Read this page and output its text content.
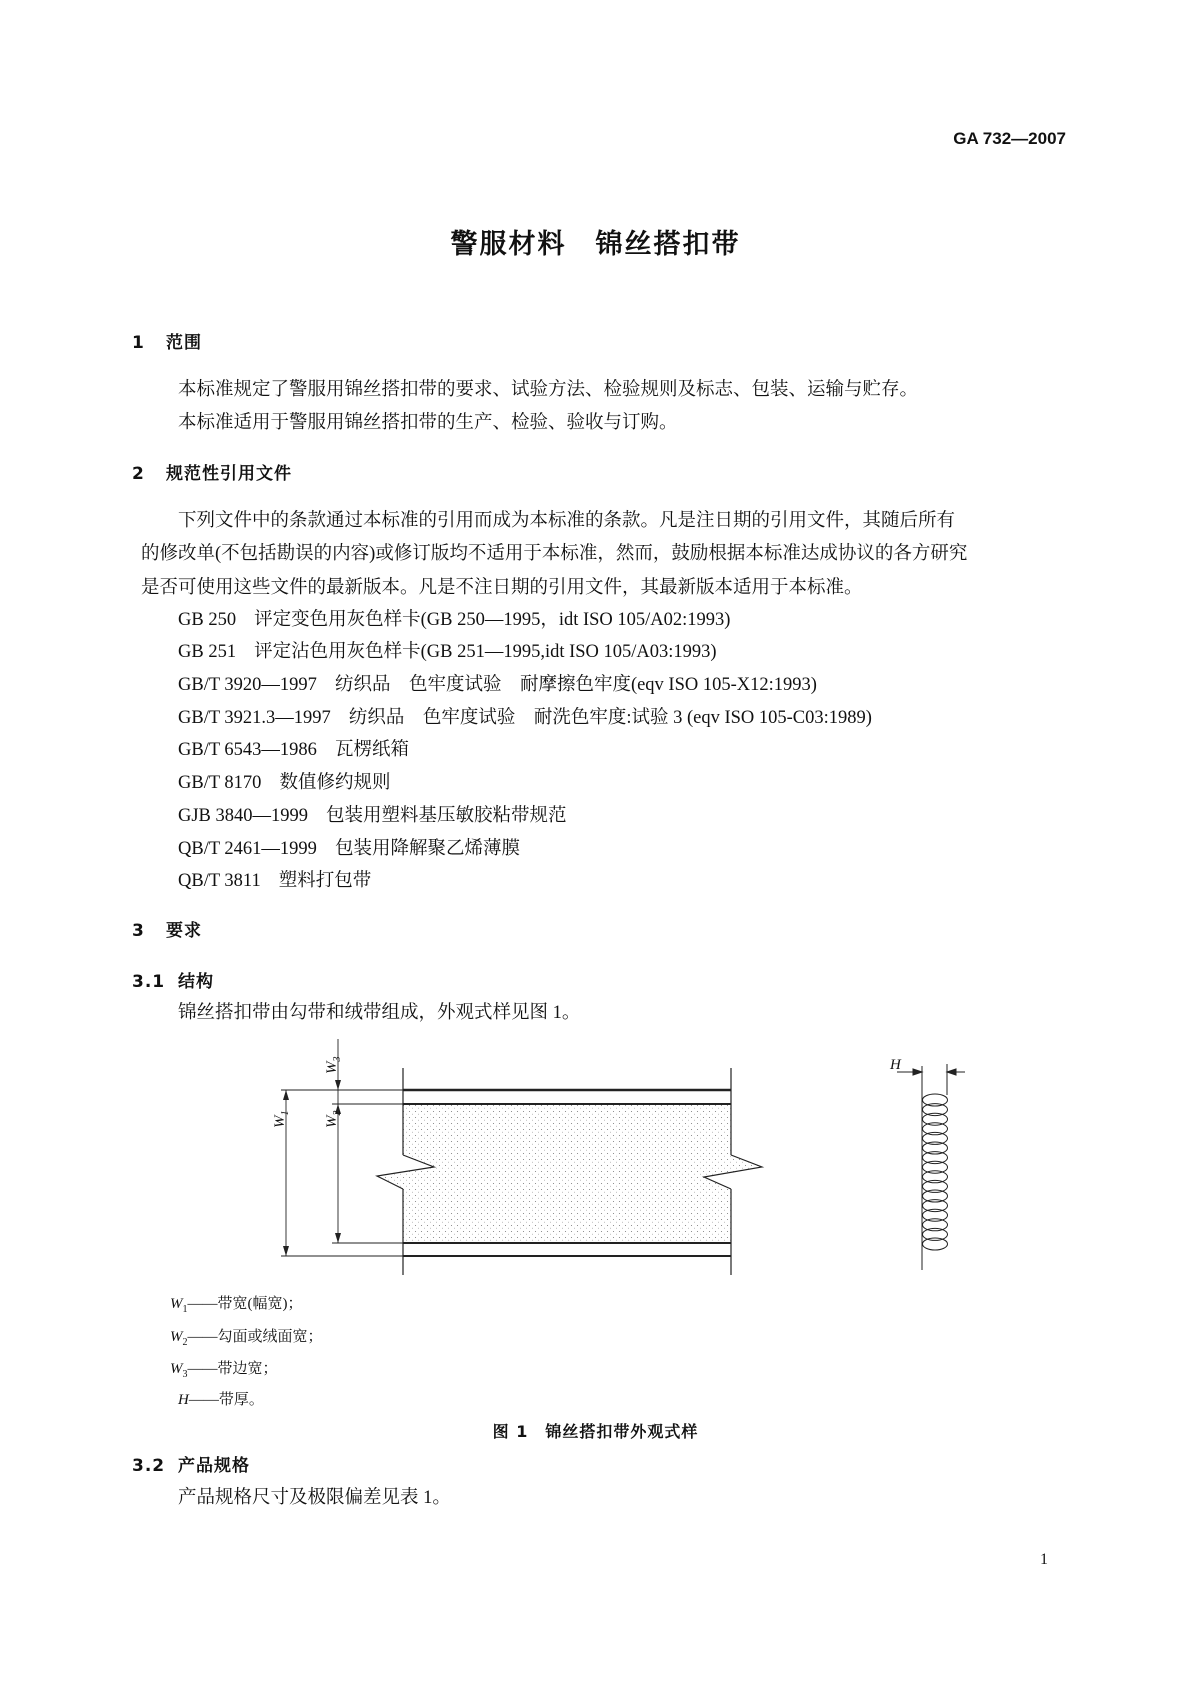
GA 732—2007
警服材料　锦丝搭扣带
1 范围
本标准规定了警服用锦丝搭扣带的要求、试验方法、检验规则及标志、包装、运输与贮存。
本标准适用于警服用锦丝搭扣带的生产、检验、验收与订购。
2 规范性引用文件
下列文件中的条款通过本标准的引用而成为本标准的条款。凡是注日期的引用文件，其随后所有
的修改单(不包括勘误的内容)或修订版均不适用于本标准，然而，鼓励根据本标准达成协议的各方研究
是否可使用这些文件的最新版本。凡是不注日期的引用文件，其最新版本适用于本标准。
GB 250 评定变色用灰色样卡(GB 250—1995，idt ISO 105/A02:1993)
GB 251 评定沾色用灰色样卡(GB 251—1995,idt ISO 105/A03:1993)
GB/T 3920—1997 纺织品　色牢度试验　耐摩擦色牢度(eqv ISO 105-X12:1993)
GB/T 3921.3—1997 纺织品　色牢度试验　耐洗色牢度:试验 3 (eqv ISO 105-C03:1989)
GB/T 6543—1986 瓦楞纸箱
GB/T 8170 数值修约规则
GJB 3840—1999 包装用塑料基压敏胶粘带规范
QB/T 2461—1999 包装用降解聚乙烯薄膜
QB/T 3811 塑料打包带
3 要求
3.1 结构
锦丝搭扣带由勾带和绒带组成，外观式样见图 1。
$W_1$
$W_2$
$W_3$	H
$W_1——$带宽(幅宽)；
$W_2——$勾面或绒面宽；
$W_3——$带边宽；
H——带厚。
图 1　锦丝搭扣带外观式样
3.2 产品规格
产品规格尺寸及极限偏差见表 1。
1
